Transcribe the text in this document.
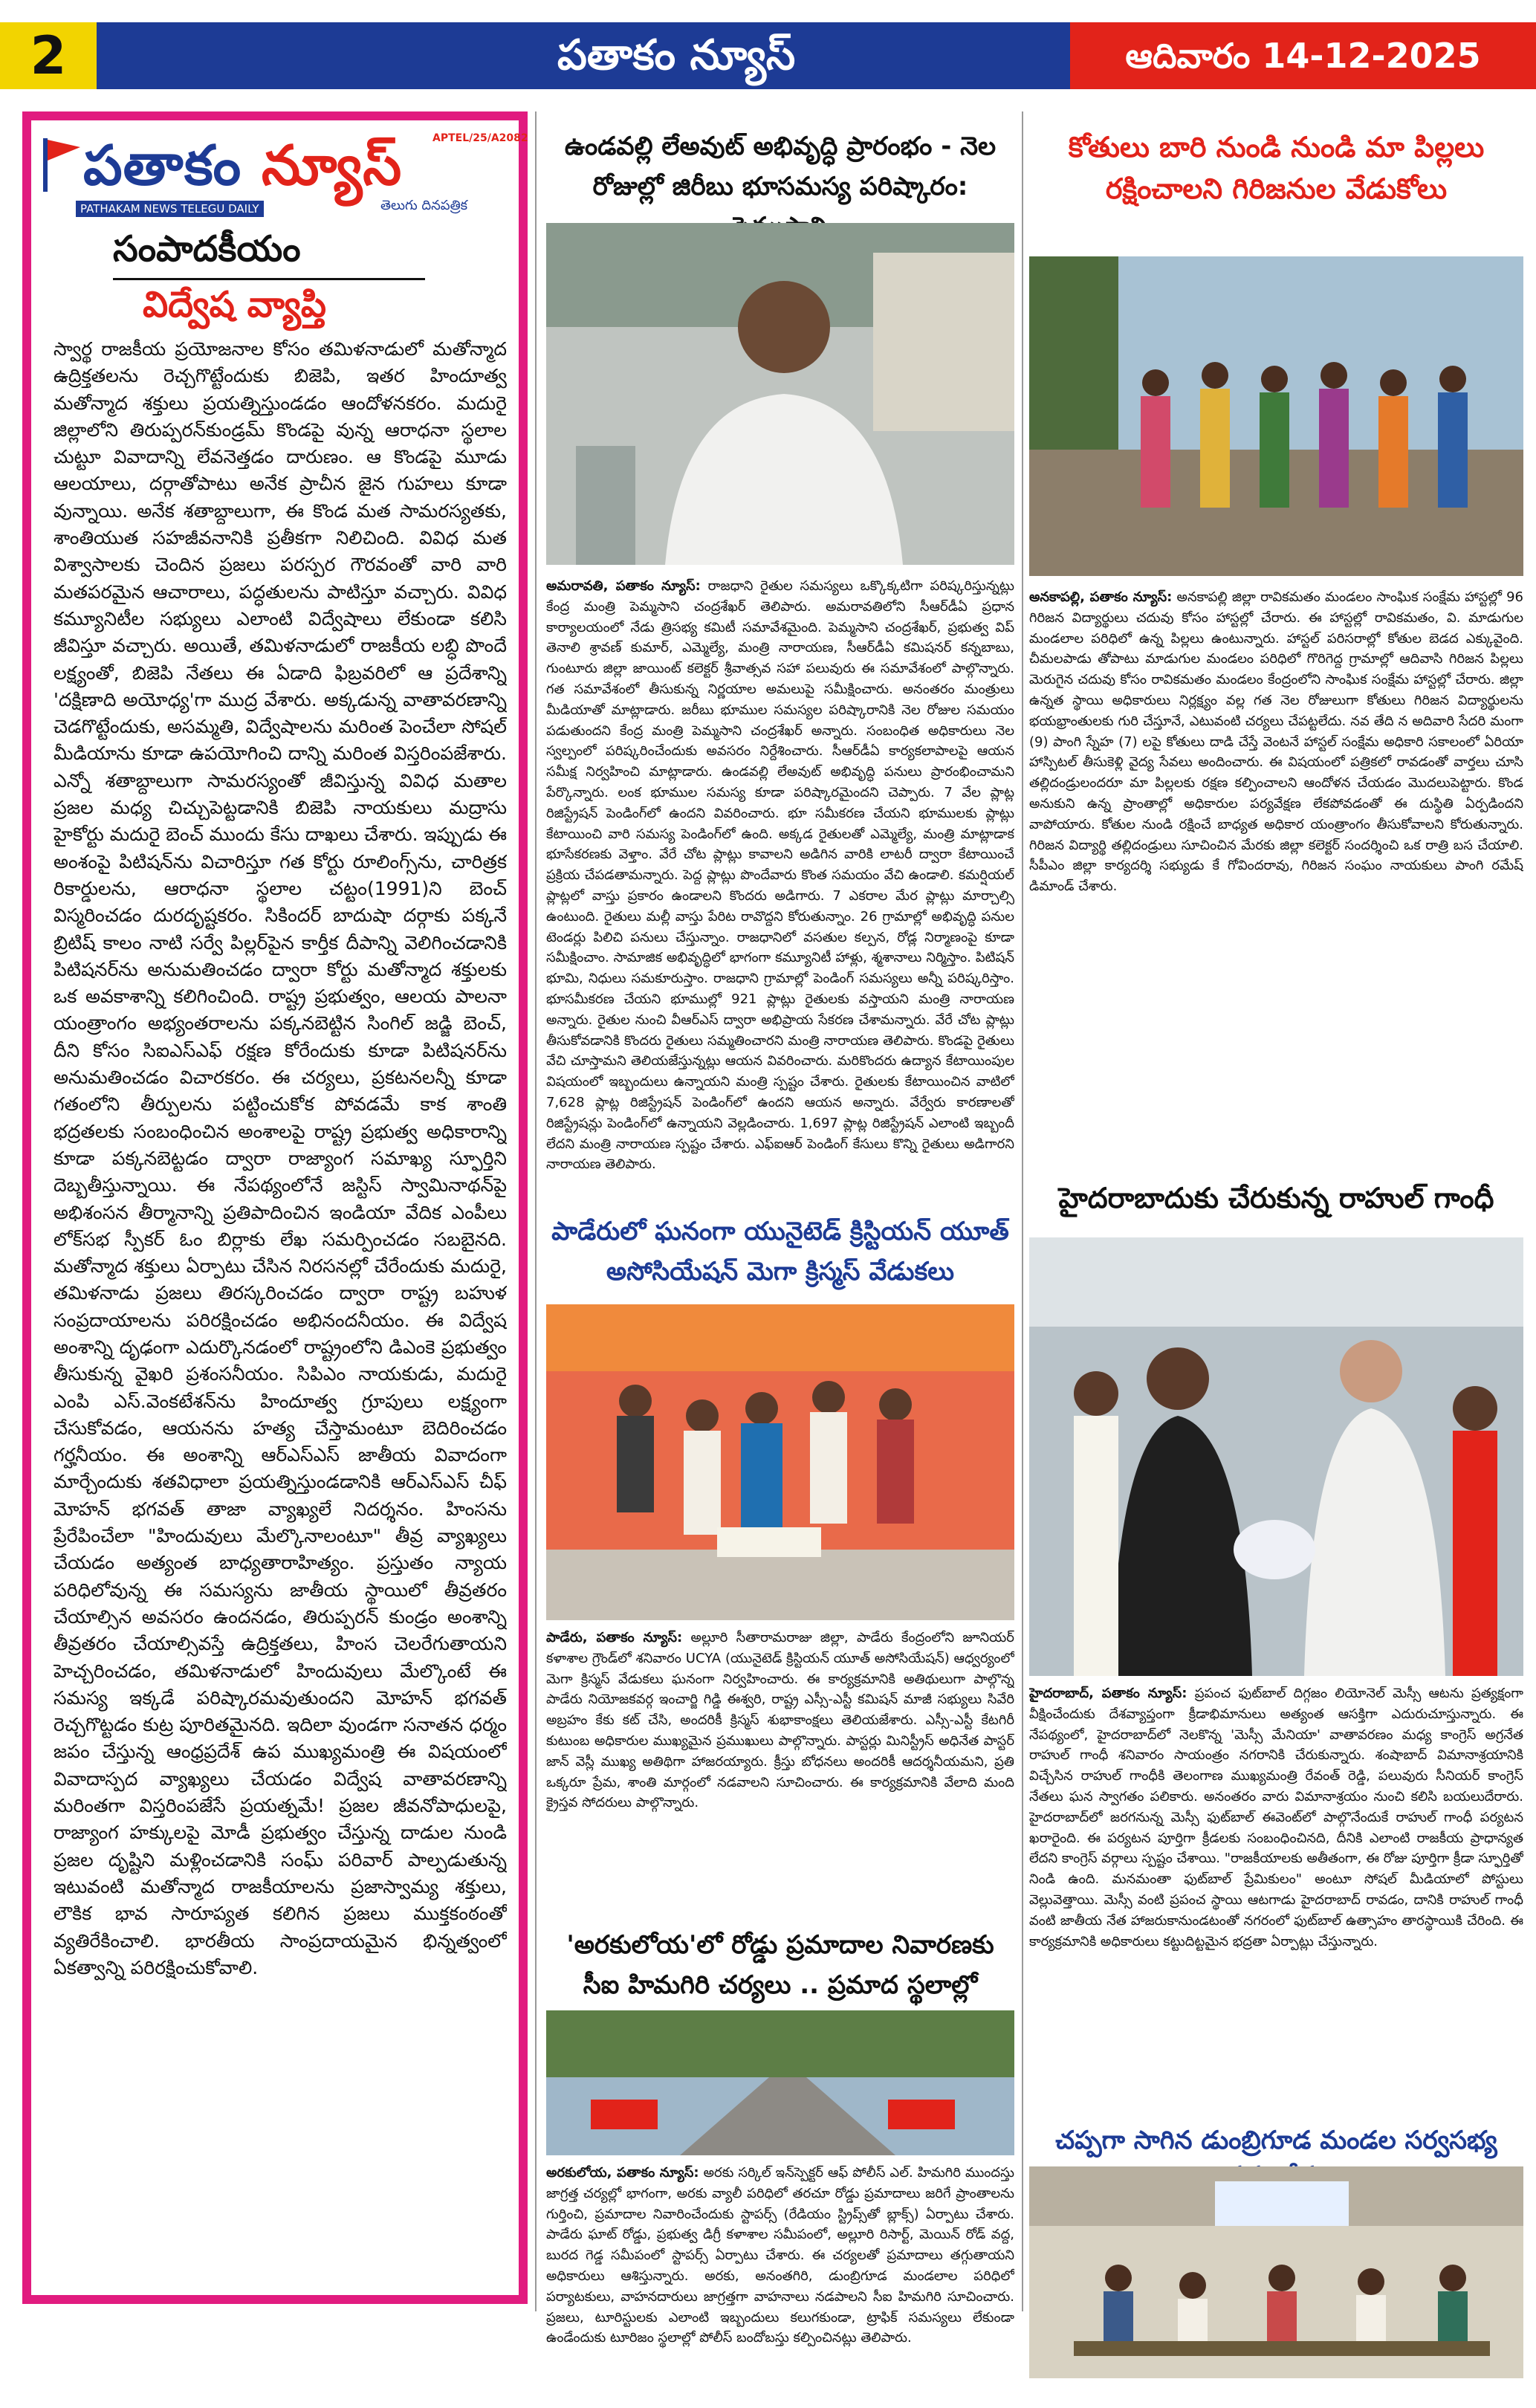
2	పతాకం న్యూస్	ఆదివారం 14-12-2025
పతాకం న్యూస్	APTEL/25/A2082
PATHAKAM NEWS TELEGU DAILY	తెలుగు దినపత్రిక
సంపాదకీయం
విద్వేష వ్యాప్తి
స్వార్థ రాజకీయ ప్రయోజనాల కోసం తమిళనాడులో మతోన్మాద ఉద్రిక్తతలను రెచ్చగొట్టేందుకు బిజెపి, ఇతర హిందూత్వ మతోన్మాద శక్తులు ప్రయత్నిస్తుండడం ఆందోళనకరం. మదురై జిల్లాలోని తిరుప్పరన్‌కుండ్రమ్ కొండపై వున్న ఆరాధనా స్థలాల చుట్టూ వివాదాన్ని లేవనెత్తడం దారుణం. ఆ కొండపై మూడు ఆలయాలు, దర్గాతోపాటు అనేక ప్రాచీన జైన గుహలు కూడా వున్నాయి. అనేక శతాబ్దాలుగా, ఈ కొండ మత సామరస్యతకు, శాంతియుత సహజీవనానికి ప్రతీకగా నిలిచింది. వివిధ మత విశ్వాసాలకు చెందిన ప్రజలు పరస్పర గౌరవంతో వారి వారి మతపరమైన ఆచారాలు, పద్ధతులను పాటిస్తూ వచ్చారు. వివిధ కమ్యూనిటీల సభ్యులు ఎలాంటి విద్వేషాలు లేకుండా కలిసి జీవిస్తూ వచ్చారు. అయితే, తమిళనాడులో రాజకీయ లబ్ధి పొందే లక్ష్యంతో, బిజెపి నేతలు ఈ ఏడాది ఫిబ్రవరిలో ఆ ప్రదేశాన్ని 'దక్షిణాది అయోధ్య'గా ముద్ర వేశారు. అక్కడున్న వాతావరణాన్ని చెడగొట్టేందుకు, అసమ్మతి, విద్వేషాలను మరింత పెంచేలా సోషల్ మీడియాను కూడా ఉపయోగించి దాన్ని మరింత విస్తరింపజేశారు. ఎన్నో శతాబ్దాలుగా సామరస్యంతో జీవిస్తున్న వివిధ మతాల ప్రజల మధ్య చిచ్చుపెట్టడానికి బిజెపి నాయకులు మద్రాసు హైకోర్టు మదురై బెంచ్ ముందు కేసు దాఖలు చేశారు. ఇప్పుడు ఈ అంశంపై పిటిషన్‌ను విచారిస్తూ గత కోర్టు రూలింగ్స్‌ను, చారిత్రక రికార్డులను, ఆరాధనా స్థలాల చట్టం(1991)ని బెంచ్ విస్మరించడం దురదృష్టకరం. సికిందర్ బాదుషా దర్గాకు పక్కనే బ్రిటిష్ కాలం నాటి సర్వే పిల్లర్‌పైన కార్తీక దీపాన్ని వెలిగించడానికి పిటిషనర్‌ను అనుమతించడం ద్వారా కోర్టు మతోన్మాద శక్తులకు ఒక అవకాశాన్ని కలిగించింది. రాష్ట్ర ప్రభుత్వం, ఆలయ పాలనా యంత్రాంగం అభ్యంతరాలను పక్కనబెట్టిన సింగిల్ జడ్జి బెంచ్, దీని కోసం సిఐఎస్‌ఎఫ్ రక్షణ కోరేందుకు కూడా పిటిషనర్‌ను అనుమతించడం విచారకరం. ఈ చర్యలు, ప్రకటనలన్నీ కూడా గతంలోని తీర్పులను పట్టించుకోక పోవడమే కాక శాంతి భద్రతలకు సంబంధించిన అంశాలపై రాష్ట్ర ప్రభుత్వ అధికారాన్ని కూడా పక్కనబెట్టడం ద్వారా రాజ్యాంగ సమాఖ్య స్ఫూర్తిని దెబ్బతీస్తున్నాయి. ఈ నేపథ్యంలోనే జస్టిస్ స్వామినాథన్‌పై అభిశంసన తీర్మానాన్ని ప్రతిపాదించిన ఇండియా వేదిక ఎంపీలు లోక్‌సభ స్పీకర్ ఓం బిర్లాకు లేఖ సమర్పించడం సబబైనది. మతోన్మాద శక్తులు ఏర్పాటు చేసిన నిరసనల్లో చేరేందుకు మదురై, తమిళనాడు ప్రజలు తిరస్కరించడం ద్వారా రాష్ట్ర బహుళ సంప్రదాయాలను పరిరక్షించడం అభినందనీయం. ఈ విద్వేష అంశాన్ని దృఢంగా ఎదుర్కొనడంలో రాష్ట్రంలోని డిఎంకె ప్రభుత్వం తీసుకున్న వైఖరి ప్రశంసనీయం. సిపిఎం నాయకుడు, మదురై ఎంపి ఎస్.వెంకటేశన్‌ను హిందూత్వ గ్రూపులు లక్ష్యంగా చేసుకోవడం, ఆయనను హత్య చేస్తామంటూ బెదిరించడం గర్హనీయం. ఈ అంశాన్ని ఆర్‌ఎస్‌ఎస్ జాతీయ వివాదంగా మార్చేందుకు శతవిధాలా ప్రయత్నిస్తుండడానికి ఆర్‌ఎస్‌ఎస్ చీఫ్ మోహన్ భగవత్ తాజా వ్యాఖ్యలే నిదర్శనం. హింసను ప్రేరేపించేలా "హిందువులు మేల్కొనాలంటూ" తీవ్ర వ్యాఖ్యలు చేయడం అత్యంత బాధ్యతారాహిత్యం. ప్రస్తుతం న్యాయ పరిధిలోవున్న ఈ సమస్యను జాతీయ స్థాయిలో తీవ్రతరం చేయాల్సిన అవసరం ఉందనడం, తిరుప్పరన్ కుండ్రం అంశాన్ని తీవ్రతరం చేయాల్సివస్తే ఉద్రిక్తతలు, హింస చెలరేగుతాయని హెచ్చరించడం, తమిళనాడులో హిందువులు మేల్కొంటే ఈ సమస్య ఇక్కడే పరిష్కారమవుతుందని మోహన్ భగవత్ రెచ్చగొట్టడం కుట్ర పూరితమైనది. ఇదిలా వుండగా సనాతన ధర్మం జపం చేస్తున్న ఆంధ్రప్రదేశ్ ఉప ముఖ్యమంత్రి ఈ విషయంలో వివాదాస్పద వ్యాఖ్యలు చేయడం విద్వేష వాతావరణాన్ని మరింతగా విస్తరింపజేసే ప్రయత్నమే! ప్రజల జీవనోపాధులపై, రాజ్యాంగ హక్కులపై మోడీ ప్రభుత్వం చేస్తున్న దాడుల నుండి ప్రజల దృష్టిని మళ్లించడానికి సంఘ్ పరివార్ పాల్పడుతున్న ఇటువంటి మతోన్మాద రాజకీయాలను ప్రజాస్వామ్య శక్తులు, లౌకిక భావ సారూప్యత కలిగిన ప్రజలు ముక్తకంఠంతో వ్యతిరేకించాలి. భారతీయ సాంప్రదాయమైన భిన్నత్వంలో ఏకత్వాన్ని పరిరక్షించుకోవాలి.
ఉండవల్లి లేఅవుట్ అభివృద్ధి ప్రారంభం - నెల రోజుల్లో జిరీబు భూసమస్య పరిష్కారం:
అమరావతి, పతాకం న్యూస్: రాజధాని రైతుల సమస్యలు ఒక్కొక్కటిగా పరిష్కరిస్తున్నట్లు కేంద్ర మంత్రి పెమ్మసాని చంద్రశేఖర్ తెలిపారు. అమరావతిలోని సీఆర్‌డీఏ ప్రధాన కార్యాలయంలో నేడు త్రిసభ్య కమిటీ సమావేశమైంది. పెమ్మసాని చంద్రశేఖర్, ప్రభుత్వ విప్ తెనాలి శ్రావణ్ కుమార్, ఎమ్మెల్యే, మంత్రి నారాయణ, సీఆర్‌డీఏ కమిషనర్ కన్నబాబు, గుంటూరు జిల్లా జాయింట్ కలెక్టర్ శ్రీవాత్సవ సహా పలువురు ఈ సమావేశంలో పాల్గొన్నారు. గత సమావేశంలో తీసుకున్న నిర్ణయాల అమలుపై సమీక్షించారు. అనంతరం మంత్రులు మీడియాతో మాట్లాడారు. జరీబు భూముల సమస్యల పరిష్కారానికి నెల రోజుల సమయం పడుతుందని కేంద్ర మంత్రి పెమ్మసాని చంద్రశేఖర్ అన్నారు. సంబంధిత అధికారులు నెల స్వల్పంలో పరిష్కరించేందుకు అవసరం నిర్దేశించారు. సీఆర్‌డీఏ కార్యకలాపాలపై ఆయన సమీక్ష నిర్వహించి మాట్లాడారు. ఉండవల్లి లేఅవుట్ అభివృద్ధి పనులు ప్రారంభించామని పేర్కొన్నారు. లంక భూముల సమస్య కూడా పరిష్కారమైందని చెప్పారు. 7 వేల ప్లాట్ల రిజిస్ట్రేషన్ పెండింగ్‌లో ఉందని వివరించారు. భూ సమీకరణ చేయని భూములకు ప్లాట్లు కేటాయించి వారి సమస్య పెండింగ్‌లో ఉంది. అక్కడ రైతులతో ఎమ్మెల్యే, మంత్రి మాట్లాడాక భూసేకరణకు వెళ్తాం. వేరే చోట ప్లాట్లు కావాలని అడిగిన వారికి లాటరీ ద్వారా కేటాయించే ప్రక్రియ చేపడతామన్నారు. పెద్ద ప్లాట్లు పొందేవారు కొంత సమయం వేచి ఉండాలి. కమర్షియల్ ప్లాట్లలో వాస్తు ప్రకారం ఉండాలని కొందరు అడిగారు. 7 ఎకరాల మేర ప్లాట్లు మార్చాల్సి ఉంటుంది. రైతులు మల్లీ వాస్తు పేరిట రావొద్దని కోరుతున్నాం. 26 గ్రామాల్లో అభివృద్ధి పనుల టెండర్లు పిలిచి పనులు చేస్తున్నాం. రాజధానిలో వసతుల కల్పన, రోడ్ల నిర్మాణంపై కూడా సమీక్షించాం. సామాజిక అభివృద్ధిలో భాగంగా కమ్యూనిటీ హాళ్లు, శ్మశానాలు నిర్మిస్తాం. పిటిషన్ భూమి, నిధులు సమకూరుస్తాం. రాజధాని గ్రామాల్లో పెండింగ్ సమస్యలు అన్నీ పరిష్కరిస్తాం. భూసమీకరణ చేయని భూముల్లో 921 ప్లాట్లు రైతులకు వస్తాయని మంత్రి నారాయణ అన్నారు. రైతుల నుంచి వీఆర్‌ఎస్ ద్వారా అభిప్రాయ సేకరణ చేశామన్నారు. వేరే చోట ప్లాట్లు తీసుకోవడానికి కొందరు రైతులు సమ్మతించారని మంత్రి నారాయణ తెలిపారు. కొండపై రైతులు వేచి చూస్తామని తెలియజేస్తున్నట్లు ఆయన వివరించారు. మరికొందరు ఉద్యాన కేటాయింపుల విషయంలో ఇబ్బందులు ఉన్నాయని మంత్రి స్పష్టం చేశారు. రైతులకు కేటాయించిన వాటిలో 7,628 ప్లాట్ల రిజిస్ట్రేషన్ పెండింగ్‌లో ఉందని ఆయన అన్నారు. వేర్వేరు కారణాలతో రిజిస్ట్రేషన్లు పెండింగ్‌లో ఉన్నాయని వెల్లడించారు. 1,697 ప్లాట్ల రిజిస్ట్రేషన్ ఎలాంటి ఇబ్బందీ లేదని మంత్రి నారాయణ స్పష్టం చేశారు. ఎఫ్ఐఆర్ పెండింగ్ కేసులు కొన్ని రైతులు అడిగారని నారాయణ తెలిపారు.
పాడేరులో ఘనంగా యునైటెడ్ క్రిస్టియన్ యూత్ అసోసియేషన్ మెగా క్రిస్మస్ వేడుకలు
పాడేరు, పతాకం న్యూస్: అల్లూరి సీతారామరాజు జిల్లా, పాడేరు కేంద్రంలోని జూనియర్ కళాశాల గ్రౌండ్‌లో శనివారం UCYA (యునైటెడ్ క్రిస్టియన్ యూత్ అసోసియేషన్) ఆధ్వర్యంలో మెగా క్రిస్మస్ వేడుకలు ఘనంగా నిర్వహించారు. ఈ కార్యక్రమానికి అతిథులుగా పాల్గొన్న పాడేరు నియోజకవర్గ ఇంచార్జి గిడ్డి ఈశ్వరి, రాష్ట్ర ఎస్సీ-ఎస్టీ కమిషన్ మాజీ సభ్యులు సివేరి అబ్రహం కేకు కట్ చేసి, అందరికీ క్రిస్మస్ శుభాకాంక్షలు తెలియజేశారు. ఎస్సీ-ఎస్టీ కేటగిరీ కుటుంబ అధికారుల ముఖ్యమైన ప్రముఖులు పాల్గొన్నారు. పాస్టర్లు మినిస్ట్రీస్ అధినేత పాస్టర్ జాన్ వెస్లీ ముఖ్య అతిథిగా హాజరయ్యారు. క్రీస్తు బోధనలు అందరికీ ఆదర్శనీయమని, ప్రతి ఒక్కరూ ప్రేమ, శాంతి మార్గంలో నడవాలని సూచించారు. ఈ కార్యక్రమానికి వేలాది మంది క్రైస్తవ సోదరులు పాల్గొన్నారు.
'అరకులోయ'లో రోడ్డు ప్రమాదాల నివారణకు సీఐ హిమగిరి చర్యలు .. ప్రమాద స్థలాల్లో
అరకులోయ, పతాకం న్యూస్: అరకు సర్కిల్ ఇన్‌స్పెక్టర్ ఆఫ్ పోలీస్ ఎల్. హిమగిరి ముందస్తు జాగ్రత్త చర్యల్లో భాగంగా, అరకు వ్యాలీ పరిధిలో తరచూ రోడ్డు ప్రమాదాలు జరిగే ప్రాంతాలను గుర్తించి, ప్రమాదాల నివారించేందుకు స్టాపర్స్ (రేడియం స్ట్రిప్స్‌తో బ్లాక్స్) ఏర్పాటు చేశారు. పాడేరు ఘాట్ రోడ్డు, ప్రభుత్వ డిగ్రీ కళాశాల సమీపంలో, అల్లూరి రిసార్ట్, మెయిన్ రోడ్ వద్ద, బురద గెడ్డ సమీపంలో స్టాపర్స్ ఏర్పాటు చేశారు. ఈ చర్యలతో ప్రమాదాలు తగ్గుతాయని అధికారులు ఆశిస్తున్నారు. అరకు, అనంతగిరి, డుంబ్రిగూడ మండలాల పరిధిలో పర్యాటకులు, వాహనదారులు జాగ్రత్తగా వాహనాలు నడపాలని సీఐ హిమగిరి సూచించారు. ప్రజలు, టూరిస్టులకు ఎలాంటి ఇబ్బందులు కలుగకుండా, ట్రాఫిక్ సమస్యలు లేకుండా ఉండేందుకు టూరిజం స్థలాల్లో పోలీస్ బందోబస్తు కల్పించినట్లు తెలిపారు.
కోతులు బారి నుండి నుండి మా పిల్లలు రక్షించాలని గిరిజనుల వేడుకోలు
అనకాపల్లి, పతాకం న్యూస్: అనకాపల్లి జిల్లా రావికమతం మండలం సాంఘిక సంక్షేమ హాస్టల్లో 96 గిరిజన విద్యార్థులు చదువు కోసం హాస్టల్లో చేరారు. ఈ హాస్టల్లో రావికమతం, వి. మాడుగుల మండలాల పరిధిలో ఉన్న పిల్లలు ఉంటున్నారు. హాస్టల్ పరిసరాల్లో కోతుల బెడద ఎక్కువైంది. చీమలపాడు తోపాటు మాడుగుల మండలం పరిధిలో గొరిగెద్ద గ్రామాల్లో ఆదివాసి గిరిజన పిల్లలు మెరుగైన చదువు కోసం రావికమతం మండలం కేంద్రంలోని సాంఘిక సంక్షేమ హాస్టల్లో చేరారు. జిల్లా ఉన్నత స్థాయి అధికారులు నిర్లక్ష్యం వల్ల గత నెల రోజులుగా కోతులు గిరిజన విద్యార్థులను భయభ్రాంతులకు గురి చేస్తూనే, ఎటువంటి చర్యలు చేపట్టలేదు. నవ తేది న అదివారి సేదరి మంగా (9) పాంగి స్నేహ (7) లపై కోతులు దాడి చేస్తే వెంటనే హాస్టల్ సంక్షేమ అధికారి సకాలంలో ఏరియా హాస్పిటల్ తీసుకెళ్లి వైద్య సేవలు అందించారు. ఈ విషయంలో పత్రికలో రావడంతో వార్తలు చూసి తల్లిదండ్రులందరూ మా పిల్లలకు రక్షణ కల్పించాలని ఆందోళన చేయడం మొదలుపెట్టారు. కొండ అనుకుని ఉన్న ప్రాంతాల్లో అధికారుల పర్యవేక్షణ లేకపోవడంతో ఈ దుస్థితి ఏర్పడిందని వాపోయారు. కోతుల నుండి రక్షించే బాధ్యత అధికార యంత్రాంగం తీసుకోవాలని కోరుతున్నారు. గిరిజన విద్యార్థి తల్లిదండ్రులు సూచించిన మేరకు జిల్లా కలెక్టర్ సందర్శించి ఒక రాత్రి బస చేయాలి. సీపీఎం జిల్లా కార్యదర్శి సభ్యుడు కే గోవిందరావు, గిరిజన సంఘం నాయకులు పాంగి రమేష్ డిమాండ్ చేశారు.
హైదరాబాదుకు చేరుకున్న రాహుల్ గాంధీ
హైదరాబాద్, పతాకం న్యూస్: ప్రపంచ ఫుట్‌బాల్ దిగ్గజం లియోనెల్ మెస్సీ ఆటను ప్రత్యక్షంగా వీక్షించేందుకు దేశవ్యాప్తంగా క్రీడాభిమానులు అత్యంత ఆసక్తిగా ఎదురుచూస్తున్నారు. ఈ నేపథ్యంలో, హైదరాబాద్‌లో నెలకొన్న 'మెస్సీ మేనియా' వాతావరణం మధ్య కాంగ్రెస్ అగ్రనేత రాహుల్ గాంధీ శనివారం సాయంత్రం నగరానికి చేరుకున్నారు. శంషాబాద్ విమానాశ్రయానికి విచ్చేసిన రాహుల్ గాంధీకి తెలంగాణ ముఖ్యమంత్రి రేవంత్ రెడ్డి, పలువురు సీనియర్ కాంగ్రెస్ నేతలు ఘన స్వాగతం పలికారు. అనంతరం వారు విమానాశ్రయం నుంచి కలిసి బయలుదేరారు. హైదరాబాద్‌లో జరగనున్న మెస్సీ ఫుట్‌బాల్ ఈవెంట్‌లో పాల్గొనేందుకే రాహుల్ గాంధీ పర్యటన ఖరారైంది. ఈ పర్యటన పూర్తిగా క్రీడలకు సంబంధించినది, దీనికి ఎలాంటి రాజకీయ ప్రాధాన్యత లేదని కాంగ్రెస్ వర్గాలు స్పష్టం చేశాయి. "రాజకీయాలకు అతీతంగా, ఈ రోజు పూర్తిగా క్రీడా స్ఫూర్తితో నిండి ఉంది. మనమంతా ఫుట్‌బాల్ ప్రేమికులం" అంటూ సోషల్ మీడియాలో పోస్టులు వెల్లువెత్తాయి. మెస్సీ వంటి ప్రపంచ స్థాయి ఆటగాడు హైదరాబాద్ రావడం, దానికి రాహుల్ గాంధీ వంటి జాతీయ నేత హాజరుకానుండటంతో నగరంలో ఫుట్‌బాల్ ఉత్సాహం తారస్థాయికి చేరింది. ఈ కార్యక్రమానికి అధికారులు కట్టుదిట్టమైన భద్రతా ఏర్పాట్లు చేస్తున్నారు.
చప్పగా సాగిన డుంబ్రిగూడ మండల సర్వసభ్య
